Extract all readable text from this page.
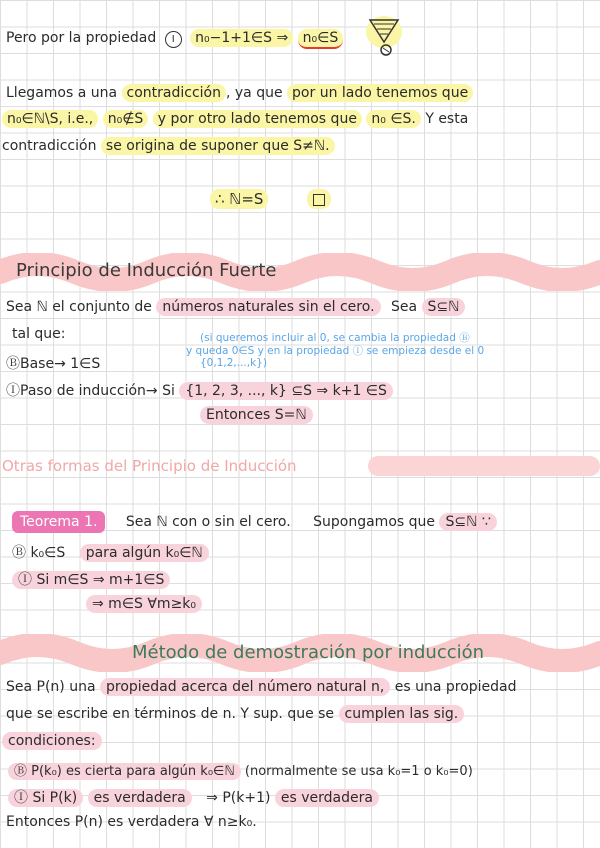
Pero por la propiedad I n₀−1+1∈S ⇒ n₀∈S
Llegamos a una contradicción , ya que por un lado tenemos que
n₀∈ℕ\S, i.e., n₀∉S y por otro lado tenemos que n₀ ∈S. Y esta
contradicción se origina de suponer que S≠ℕ.
∴ ℕ=S
Principio de Inducción Fuerte
Sea ℕ el conjunto de números naturales sin el cero. Sea S⊆ℕ
tal que:	(si queremos incluir al 0, se cambia la propiedad Ⓑ
y queda 0∈S y en la propiedad Ⓘ se empieza desde el 0
{0,1,2,...,k})
ⒷBase→ 1∈S
ⒾPaso de inducción→ Si {1, 2, 3, ..., k} ⊆S ⇒ k+1 ∈S
Entonces S=ℕ
Otras formas del Principio de Inducción
Teorema 1. Sea ℕ con o sin el cero. Supongamos que S⊆ℕ ∵
Ⓑ k₀∈S para algún k₀∈ℕ
Ⓘ Si m∈S ⇒ m+1∈S
⇒ m∈S ∀m≥k₀
Método de demostración por inducción
Sea P(n) una propiedad acerca del número natural n, es una propiedad
que se escribe en términos de n. Y sup. que se cumplen las sig.
condiciones:
Ⓑ P(k₀) es cierta para algún k₀∈ℕ (normalmente se usa k₀=1 o k₀=0)
Ⓘ Si P(k) es verdadera ⇒ P(k+1) es verdadera
Entonces P(n) es verdadera ∀ n≥k₀.
